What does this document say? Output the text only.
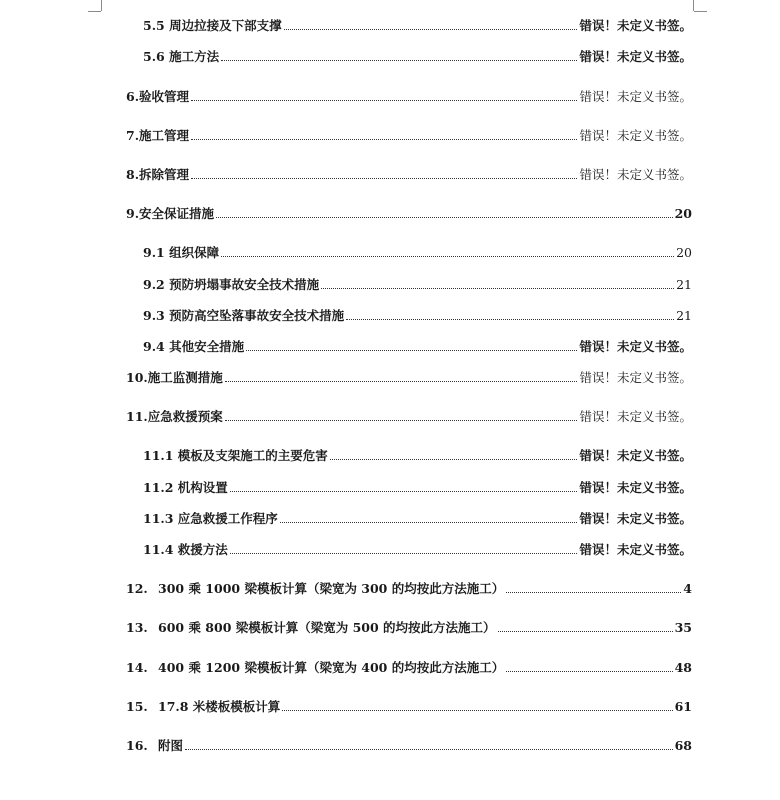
5.5 周边拉接及下部支撑	错误！未定义书签。
5.6 施工方法	错误！未定义书签。
6.验收管理	错误！未定义书签。
7.施工管理	错误！未定义书签。
8.拆除管理	错误！未定义书签。
9.安全保证措施	20
9.1 组织保障	20
9.2 预防坍塌事故安全技术措施	21
9.3 预防高空坠落事故安全技术措施	21
9.4 其他安全措施	错误！未定义书签。
10.施工监测措施	错误！未定义书签。
11.应急救援预案	错误！未定义书签。
11.1 模板及支架施工的主要危害	错误！未定义书签。
11.2 机构设置	错误！未定义书签。
11.3 应急救援工作程序	错误！未定义书签。
11.4 救援方法	错误！未定义书签。
12. 300 乘 1000 梁模板计算（梁宽为 300 的均按此方法施工）	4
13. 600 乘 800 梁模板计算（梁宽为 500 的均按此方法施工）	35
14. 400 乘 1200 梁模板计算（梁宽为 400 的均按此方法施工）	48
15. 17.8 米楼板模板计算	61
16. 附图	68
